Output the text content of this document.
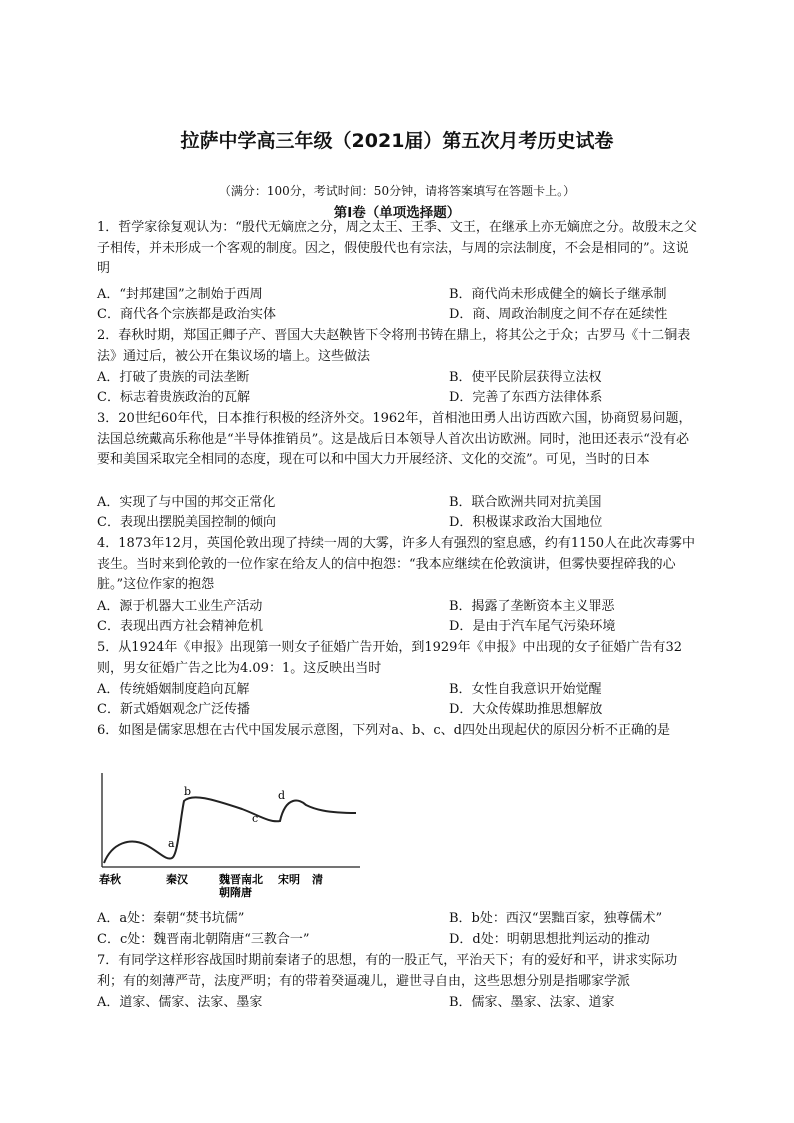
拉萨中学高三年级（2021届）第五次月考历史试卷
（满分：100分，考试时间：50分钟，请将答案填写在答题卡上。）
第Ⅰ卷（单项选择题）

1．哲学家徐复观认为：“殷代无嫡庶之分，周之太王、王季、文王，在继承上亦无嫡庶之分。故殷末之父子相传，并未形成一个客观的制度。因之，假使殷代也有宗法，与周的宗法制度，不会是相同的”。这说明

A．“封邦建国”之制始于西周	B．商代尚未形成健全的嫡长子继承制
C．商代各个宗族都是政治实体	D．商、周政治制度之间不存在延续性

2．春秋时期，郑国正卿子产、晋国大夫赵鞅皆下令将刑书铸在鼎上，将其公之于众；古罗马《十二铜表法》通过后，被公开在集议场的墙上。这些做法

A．打破了贵族的司法垄断	B．使平民阶层获得立法权
C．标志着贵族政治的瓦解	D．完善了东西方法律体系

3．20世纪60年代，日本推行积极的经济外交。1962年，首相池田勇人出访西欧六国，协商贸易问题，法国总统戴高乐称他是“半导体推销员”。这是战后日本领导人首次出访欧洲。同时，池田还表示“没有必要和美国采取完全相同的态度，现在可以和中国大力开展经济、文化的交流”。可见，当时的日本

A．实现了与中国的邦交正常化	B．联合欧洲共同对抗美国
C．表现出摆脱美国控制的倾向	D．积极谋求政治大国地位

4．1873年12月，英国伦敦出现了持续一周的大雾，许多人有强烈的窒息感，约有1150人在此次毒雾中丧生。当时来到伦敦的一位作家在给友人的信中抱怨：“我本应继续在伦敦演讲，但雾快要捏碎我的心脏。”这位作家的抱怨

A．源于机器大工业生产活动	B．揭露了垄断资本主义罪恶
C．表现出西方社会精神危机	D．是由于汽车尾气污染环境

5．从1924年《申报》出现第一则女子征婚广告开始，到1929年《申报》中出现的女子征婚广告有32则，男女征婚广告之比为4.09：1。这反映出当时

A．传统婚姻制度趋向瓦解	B．女性自我意识开始觉醒
C．新式婚姻观念广泛传播	D．大众传媒助推思想解放

6．如图是儒家思想在古代中国发展示意图，下列对a、b、c、d四处出现起伏的原因分析不正确的是

a
b
c
d
春秋	秦汉	魏晋南北
朝隋唐
宋明 清
A．a处：秦朝“焚书坑儒”	B．b处：西汉“罢黜百家，独尊儒术”
C．c处：魏晋南北朝隋唐“三教合一”	D．d处：明朝思想批判运动的推动

7．有同学这样形容战国时期前秦诸子的思想，有的一股正气，平治天下；有的爱好和平，讲求实际功利；有的刻薄严苛，法度严明；有的带着癸逼魂儿，避世寻自由，这些思想分别是指哪家学派

A．道家、儒家、法家、墨家	B．儒家、墨家、法家、道家
